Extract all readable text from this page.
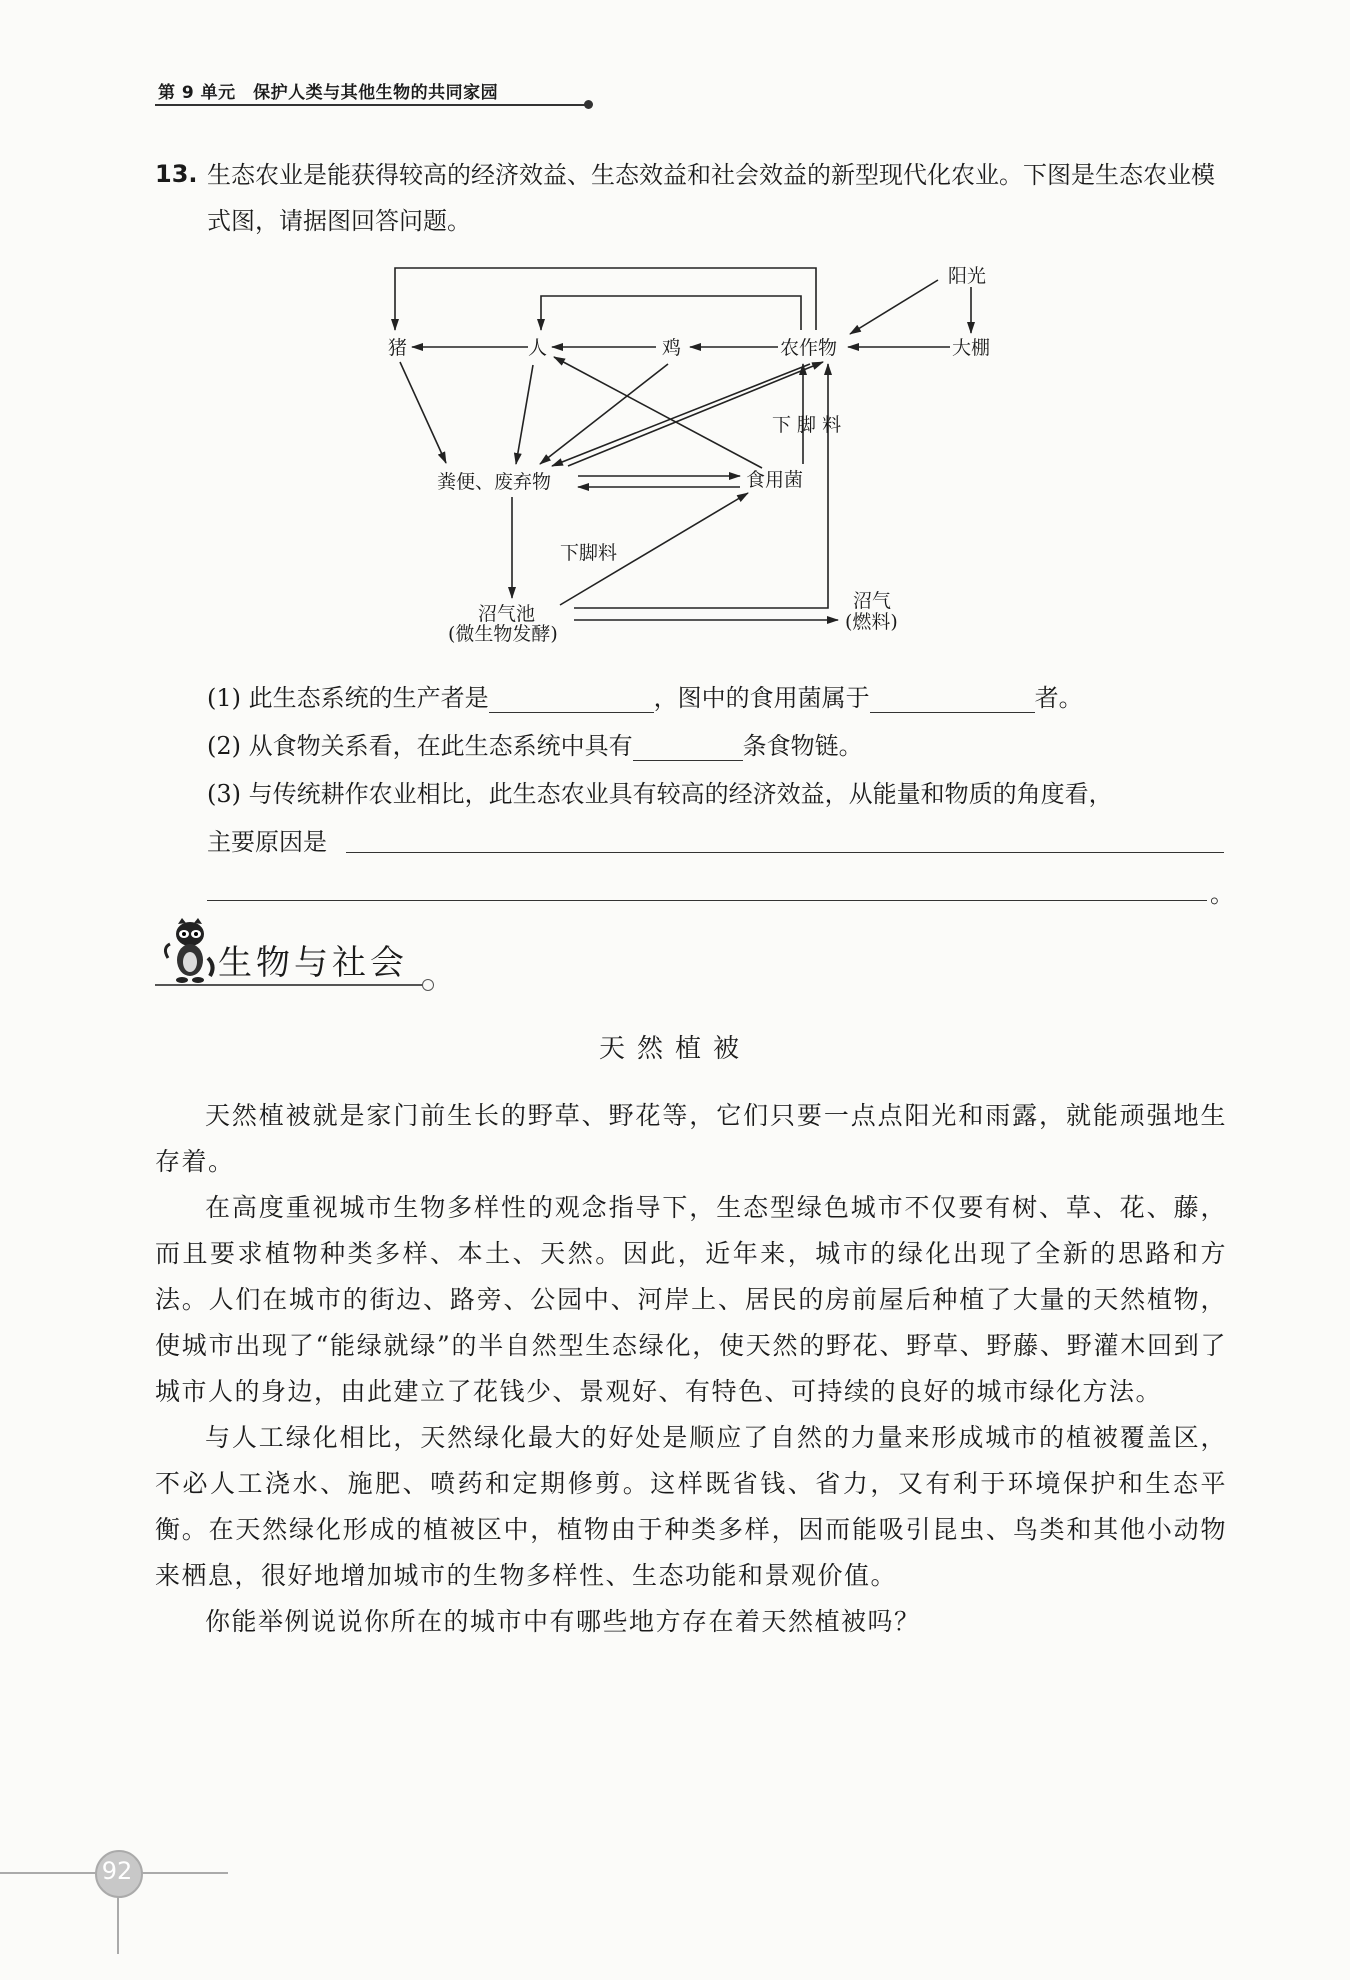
第 9 单元　保护人类与其他生物的共同家园
13. 生态农业是能获得较高的经济效益、生态效益和社会效益的新型现代化农业。下图是生态农业模式图，请据图回答问题。
阳光
大棚
猪	人	鸡	农作物
下 脚 料
粪便、废弃物	食用菌
下脚料
沼气池
(微生物发酵)
沼气
(燃料)
(1) 此生态系统的生产者是	，图中的食用菌属于	者。
(2) 从食物关系看，在此生态系统中具有	条食物链。
(3) 与传统耕作农业相比，此生态农业具有较高的经济效益，从能量和物质的角度看，
主要原因是
。
生物与社会
天然植被

天然植被就是家门前生长的野草、野花等，它们只要一点点阳光和雨露，就能顽强地生存着。

在高度重视城市生物多样性的观念指导下，生态型绿色城市不仅要有树、草、花、藤，而且要求植物种类多样、本土、天然。因此，近年来，城市的绿化出现了全新的思路和方法。人们在城市的街边、路旁、公园中、河岸上、居民的房前屋后种植了大量的天然植物，使城市出现了“能绿就绿”的半自然型生态绿化，使天然的野花、野草、野藤、野灌木回到了城市人的身边，由此建立了花钱少、景观好、有特色、可持续的良好的城市绿化方法。

与人工绿化相比，天然绿化最大的好处是顺应了自然的力量来形成城市的植被覆盖区，不必人工浇水、施肥、喷药和定期修剪。这样既省钱、省力，又有利于环境保护和生态平衡。在天然绿化形成的植被区中，植物由于种类多样，因而能吸引昆虫、鸟类和其他小动物来栖息，很好地增加城市的生物多样性、生态功能和景观价值。

你能举例说说你所在的城市中有哪些地方存在着天然植被吗？

92
